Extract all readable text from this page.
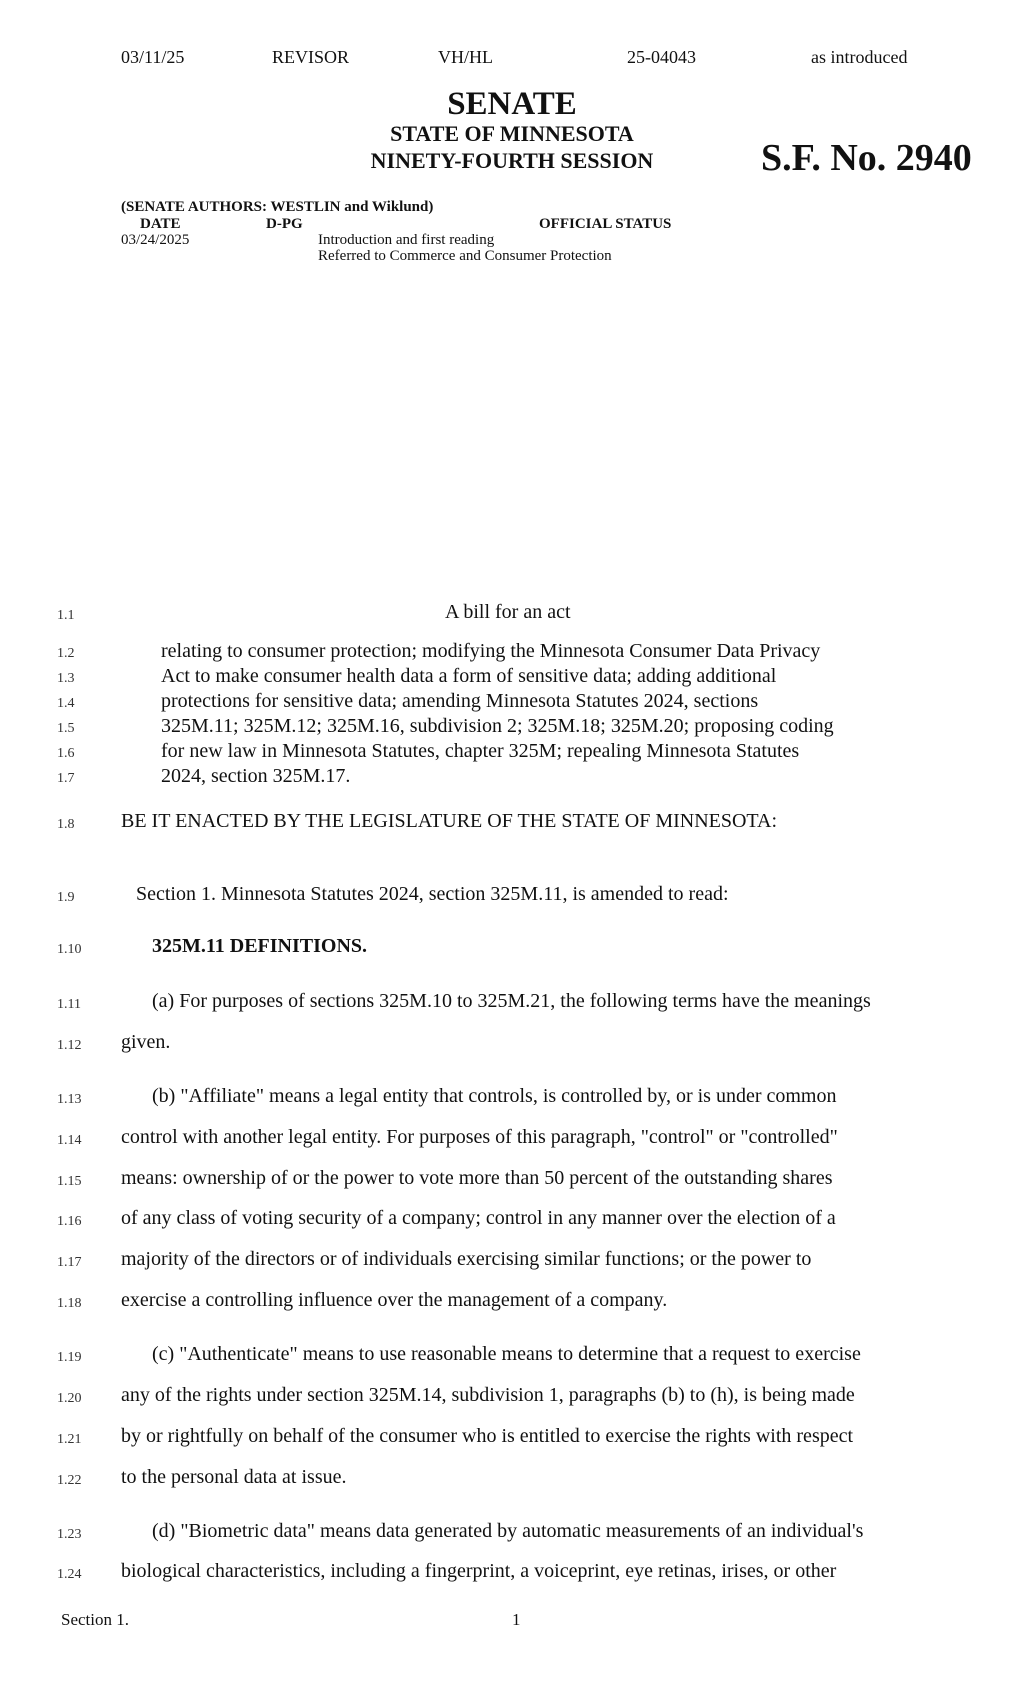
03/11/25	REVISOR	VH/HL	25-04043	as introduced
SENATE
STATE OF MINNESOTA
NINETY-FOURTH SESSION	S.F. No. 2940
(SENATE AUTHORS: WESTLIN and Wiklund)
DATE	D-PG	OFFICIAL STATUS
03/24/2025	Introduction and first reading
Referred to Commerce and Consumer Protection
1.1
1.2
1.3
1.4
1.5
1.6
1.7
1.8
1.9
1.10
1.11
1.12
1.13
1.14
1.15
1.16
1.17
1.18
1.19
1.20
1.21
1.22
1.23
1.24
A bill for an act
relating to consumer protection; modifying the Minnesota Consumer Data Privacy
Act to make consumer health data a form of sensitive data; adding additional
protections for sensitive data; amending Minnesota Statutes 2024, sections
325M.11; 325M.12; 325M.16, subdivision 2; 325M.18; 325M.20; proposing coding
for new law in Minnesota Statutes, chapter 325M; repealing Minnesota Statutes
2024, section 325M.17.
BE IT ENACTED BY THE LEGISLATURE OF THE STATE OF MINNESOTA:
Section 1. Minnesota Statutes 2024, section 325M.11, is amended to read:
325M.11 DEFINITIONS.
(a) For purposes of sections 325M.10 to 325M.21, the following terms have the meanings
given.
(b) "Affiliate" means a legal entity that controls, is controlled by, or is under common
control with another legal entity. For purposes of this paragraph, "control" or "controlled"
means: ownership of or the power to vote more than 50 percent of the outstanding shares
of any class of voting security of a company; control in any manner over the election of a
majority of the directors or of individuals exercising similar functions; or the power to
exercise a controlling influence over the management of a company.
(c) "Authenticate" means to use reasonable means to determine that a request to exercise
any of the rights under section 325M.14, subdivision 1, paragraphs (b) to (h), is being made
by or rightfully on behalf of the consumer who is entitled to exercise the rights with respect
to the personal data at issue.
(d) "Biometric data" means data generated by automatic measurements of an individual's
biological characteristics, including a fingerprint, a voiceprint, eye retinas, irises, or other
Section 1.	1
